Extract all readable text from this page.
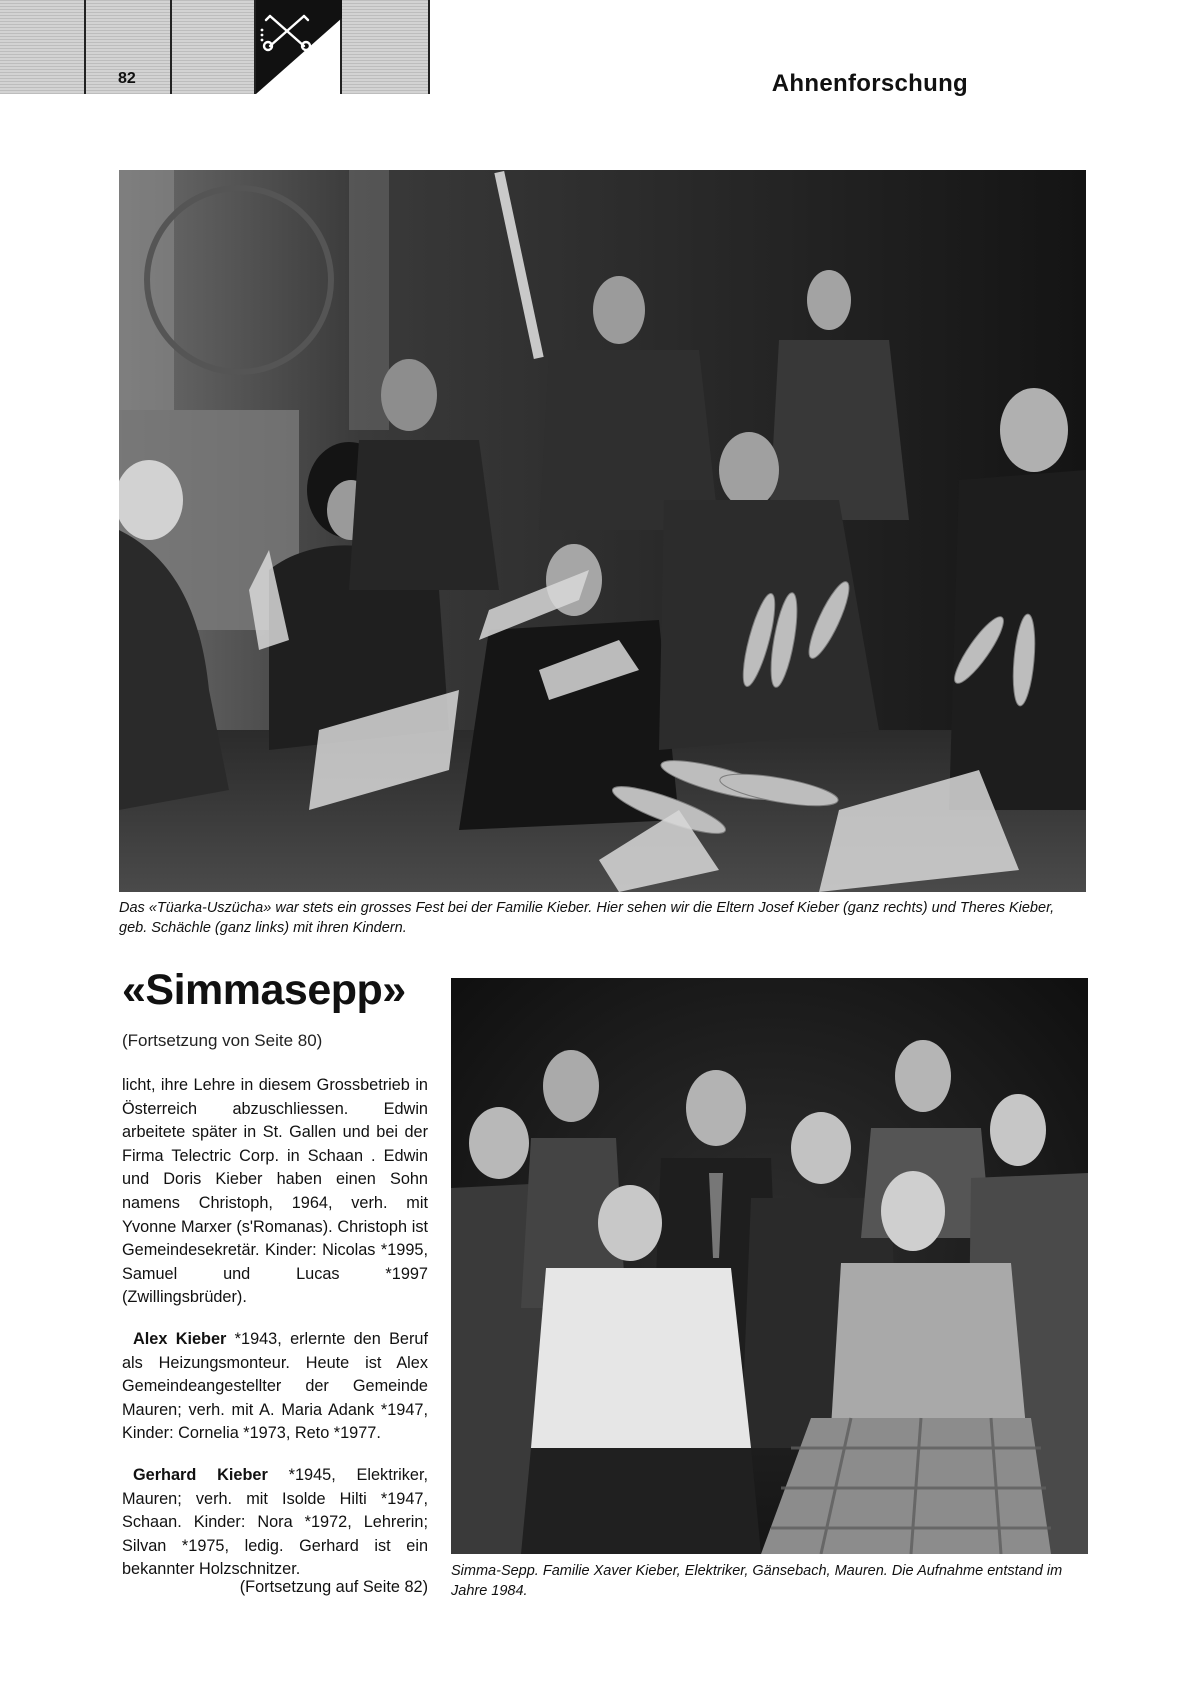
82	Ahnenforschung
Das «Tüarka-Uszücha» war stets ein grosses Fest bei der Familie Kieber. Hier sehen wir die Eltern Josef Kieber (ganz rechts) und Theres Kieber, geb. Schächle (ganz links) mit ihren Kindern.
«Simmasepp»
(Fortsetzung von Seite 80)

licht, ihre Lehre in diesem Grossbetrieb in Österreich abzuschliessen. Edwin arbeitete später in St. Gallen und bei der Firma Telectric Corp. in Schaan . Edwin und Doris Kieber haben einen Sohn namens Christoph, 1964, verh. mit Yvonne Marxer (s'Romanas). Christoph ist Gemeindesekretär. Kinder: Nicolas *1995, Samuel und Lucas *1997 (Zwillingsbrüder).

Alex Kieber *1943, erlernte den Beruf als Heizungsmonteur. Heute ist Alex Gemeindeangestellter der Gemeinde Mauren; verh. mit A. Maria Adank *1947, Kinder: Cornelia *1973, Reto *1977.

Gerhard Kieber *1945, Elektriker, Mauren; verh. mit Isolde Hilti *1947, Schaan. Kinder: Nora *1972, Lehrerin; Silvan *1975, ledig. Gerhard ist ein bekannter Holzschnitzer.

(Fortsetzung auf Seite 82)
Simma-Sepp. Familie Xaver Kieber, Elektriker, Gänsebach, Mauren. Die Aufnahme entstand im Jahre 1984.
